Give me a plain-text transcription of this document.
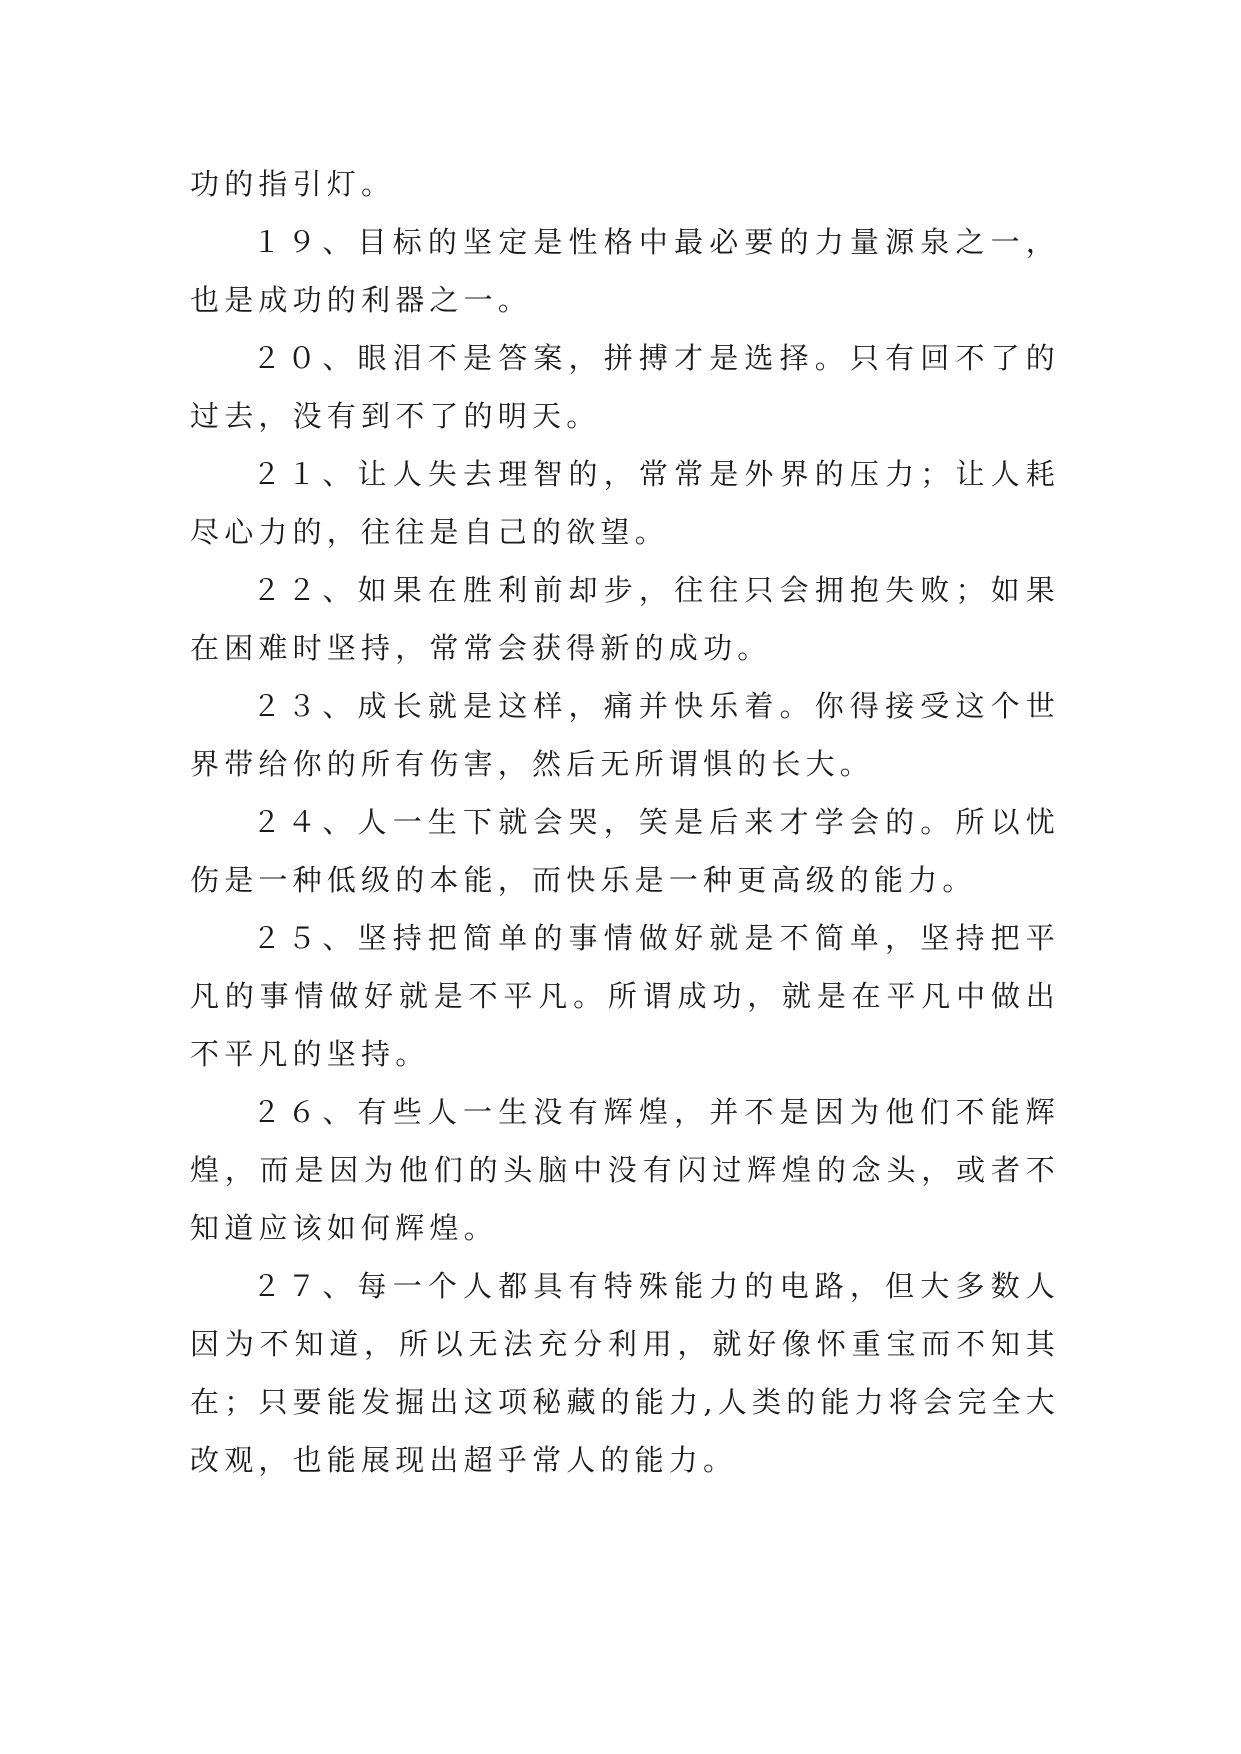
功的指引灯。

１９、目标的坚定是性格中最必要的力量源泉之一，也是成功的利器之一。

２０、眼泪不是答案，拼搏才是选择。只有回不了的过去，没有到不了的明天。

２１、让人失去理智的，常常是外界的压力；让人耗尽心力的，往往是自己的欲望。

２２、如果在胜利前却步，往往只会拥抱失败；如果在困难时坚持，常常会获得新的成功。

２３、成长就是这样，痛并快乐着。你得接受这个世界带给你的所有伤害，然后无所谓惧的长大。

２４、人一生下就会哭，笑是后来才学会的。所以忧伤是一种低级的本能，而快乐是一种更高级的能力。

２５、坚持把简单的事情做好就是不简单，坚持把平凡的事情做好就是不平凡。所谓成功，就是在平凡中做出不平凡的坚持。

２６、有些人一生没有辉煌，并不是因为他们不能辉煌，而是因为他们的头脑中没有闪过辉煌的念头，或者不知道应该如何辉煌。

２７、每一个人都具有特殊能力的电路，但大多数人因为不知道，所以无法充分利用，就好像怀重宝而不知其在；只要能发掘出这项秘藏的能力,人类的能力将会完全大改观，也能展现出超乎常人的能力。
